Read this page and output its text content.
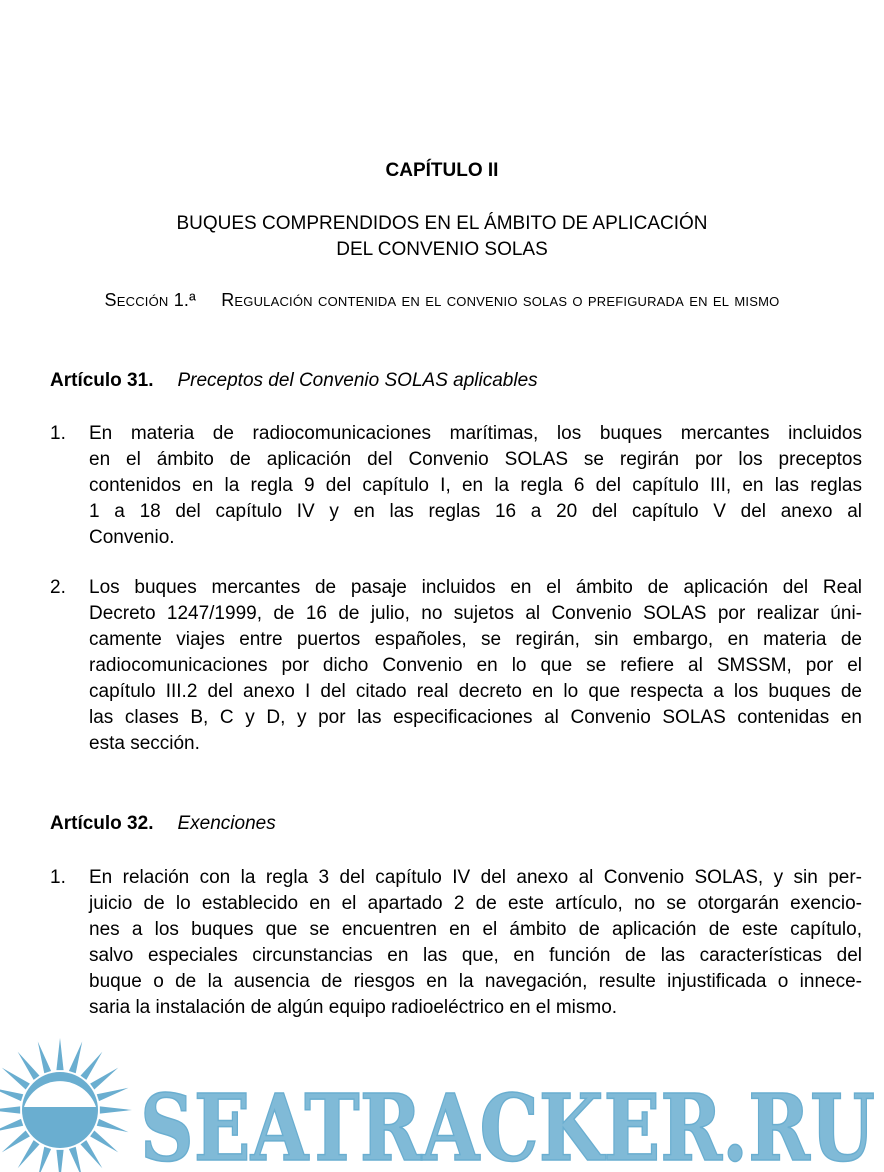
CAPÍTULO II
BUQUES COMPRENDIDOS EN EL ÁMBITO DE APLICACIÓN
DEL CONVENIO SOLAS
Sección 1.ª Regulación contenida en el convenio solas o prefigurada en el mismo
Artículo 31. Preceptos del Convenio SOLAS aplicables
1. En materia de radiocomunicaciones marítimas, los buques mercantes incluidos
en el ámbito de aplicación del Convenio SOLAS se regirán por los preceptos
contenidos en la regla 9 del capítulo I, en la regla 6 del capítulo III, en las reglas
1 a 18 del capítulo IV y en las reglas 16 a 20 del capítulo V del anexo al
Convenio.
2. Los buques mercantes de pasaje incluidos en el ámbito de aplicación del Real
Decreto 1247/1999, de 16 de julio, no sujetos al Convenio SOLAS por realizar úni-
camente viajes entre puertos españoles, se regirán, sin embargo, en materia de
radiocomunicaciones por dicho Convenio en lo que se refiere al SMSSM, por el
capítulo III.2 del anexo I del citado real decreto en lo que respecta a los buques de
las clases B, C y D, y por las especificaciones al Convenio SOLAS contenidas en
esta sección.
Artículo 32. Exenciones
1. En relación con la regla 3 del capítulo IV del anexo al Convenio SOLAS, y sin per-
juicio de lo establecido en el apartado 2 de este artículo, no se otorgarán exencio-
nes a los buques que se encuentren en el ámbito de aplicación de este capítulo,
salvo especiales circunstancias en las que, en función de las características del
buque o de la ausencia de riesgos en la navegación, resulte injustificada o innece-
saria la instalación de algún equipo radioeléctrico en el mismo.
SEATRACKER.RU
